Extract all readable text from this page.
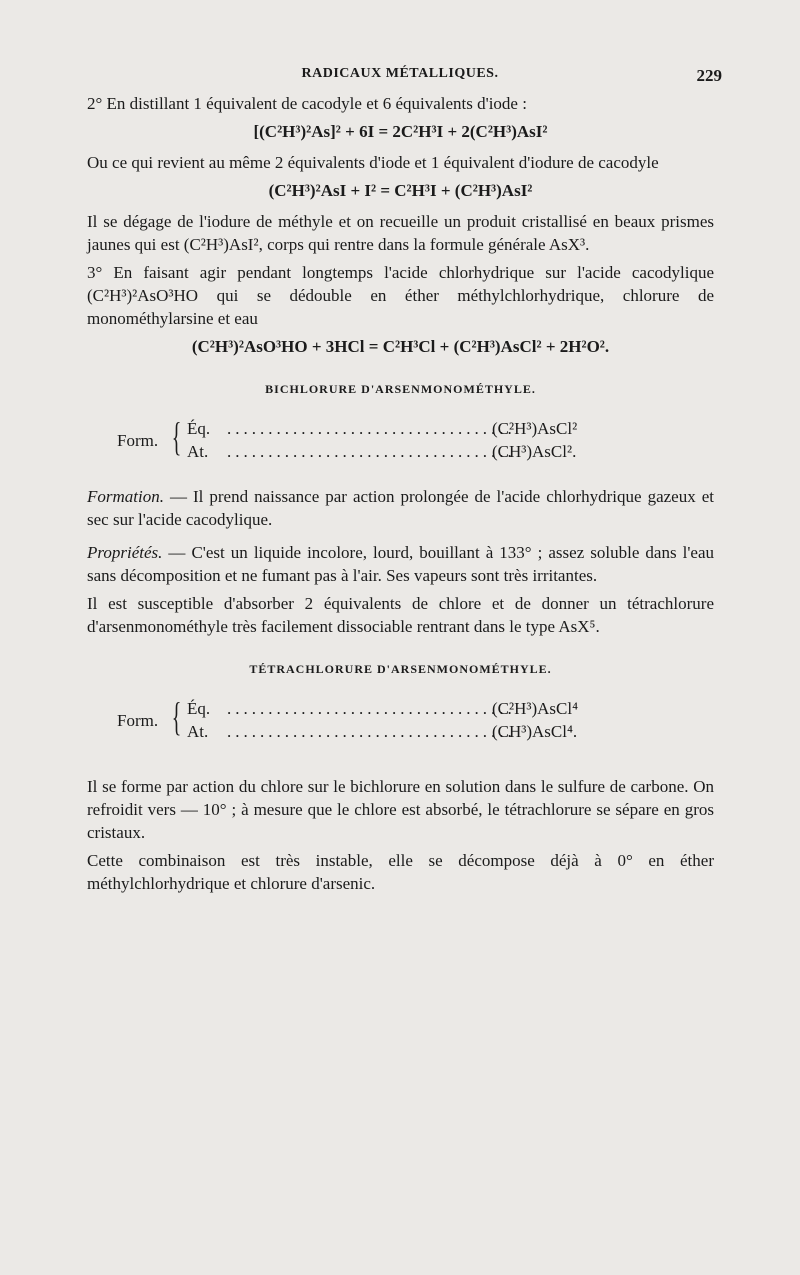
RADICAUX MÉTALLIQUES.	229

2° En distillant 1 équivalent de cacodyle et 6 équivalents d'iode :

[(C²H³)²As]² + 6I = 2C²H³I + 2(C²H³)AsI²

Ou ce qui revient au même 2 équivalents d'iode et 1 équivalent d'iodure de cacodyle

(C²H³)²AsI + I² = C²H³I + (C²H³)AsI²

Il se dégage de l'iodure de méthyle et on recueille un produit cristallisé en beaux prismes jaunes qui est (C²H³)AsI², corps qui rentre dans la formule générale AsX³.

3° En faisant agir pendant longtemps l'acide chlorhydrique sur l'acide cacodylique (C²H³)²AsO³HO qui se dédouble en éther méthylchlorhydrique, chlorure de monométhylarsine et eau

(C²H³)²AsO³HO + 3HCl = C²H³Cl + (C²H³)AsCl² + 2H²O².
BICHLORURE D'ARSENMONOMÉTHYLE.
Form. { Éq. ...................................
(C²H³)AsCl²
At. ...................................
(CH³)AsCl².

Formation. — Il prend naissance par action prolongée de l'acide chlorhydrique gazeux et sec sur l'acide cacodylique.

Propriétés. — C'est un liquide incolore, lourd, bouillant à 133° ; assez soluble dans l'eau sans décomposition et ne fumant pas à l'air. Ses vapeurs sont très irritantes.

Il est susceptible d'absorber 2 équivalents de chlore et de donner un tétrachlorure d'arsenmonométhyle très facilement dissociable rentrant dans le type AsX⁵.

TÉTRACHLORURE D'ARSENMONOMÉTHYLE.
Form. { Éq. ...................................
(C²H³)AsCl⁴
At. ...................................
(CH³)AsCl⁴.

Il se forme par action du chlore sur le bichlorure en solution dans le sulfure de carbone. On refroidit vers — 10° ; à mesure que le chlore est absorbé, le tétrachlorure se sépare en gros cristaux.

Cette combinaison est très instable, elle se décompose déjà à 0° en éther méthylchlorhydrique et chlorure d'arsenic.
